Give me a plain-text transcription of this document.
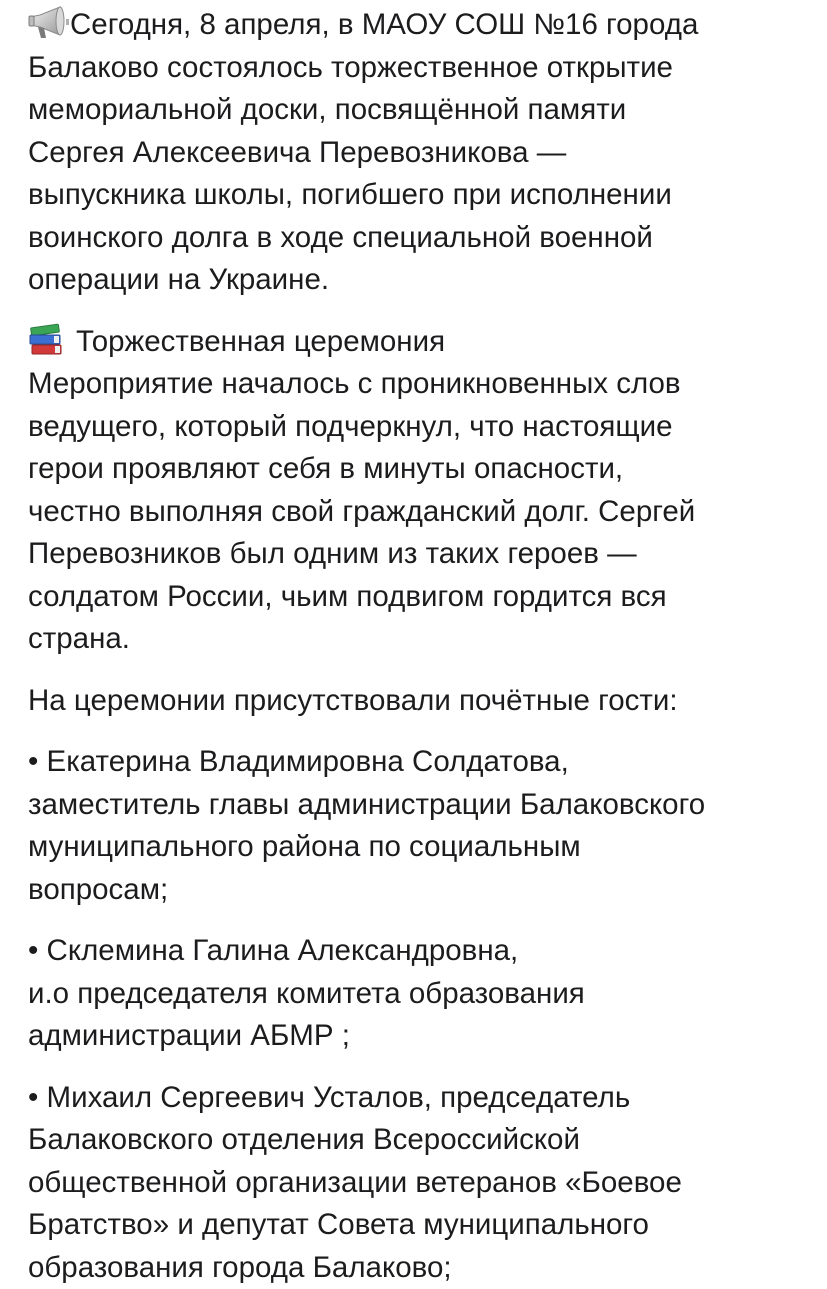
Сегодня, 8 апреля, в МАОУ СОШ №16 города
Балаково состоялось торжественное открытие
мемориальной доски, посвящённой памяти
Сергея Алексеевича Перевозникова —
выпускника школы, погибшего при исполнении
воинского долга в ходе специальной военной
операции на Украине.

Торжественная церемония
Мероприятие началось с проникновенных слов
ведущего, который подчеркнул, что настоящие
герои проявляют себя в минуты опасности,
честно выполняя свой гражданский долг. Сергей
Перевозников был одним из таких героев —
солдатом России, чьим подвигом гордится вся
страна.

На церемонии присутствовали почётные гости:

• Екатерина Владимировна Солдатова,
заместитель главы администрации Балаковского
муниципального района по социальным
вопросам;

• Склемина Галина Александровна,
и.о председателя комитета образования
администрации АБМР ;

• Михаил Сергеевич Усталов, председатель
Балаковского отделения Всероссийской
общественной организации ветеранов «Боевое
Братство» и депутат Совета муниципального
образования города Балаково;
